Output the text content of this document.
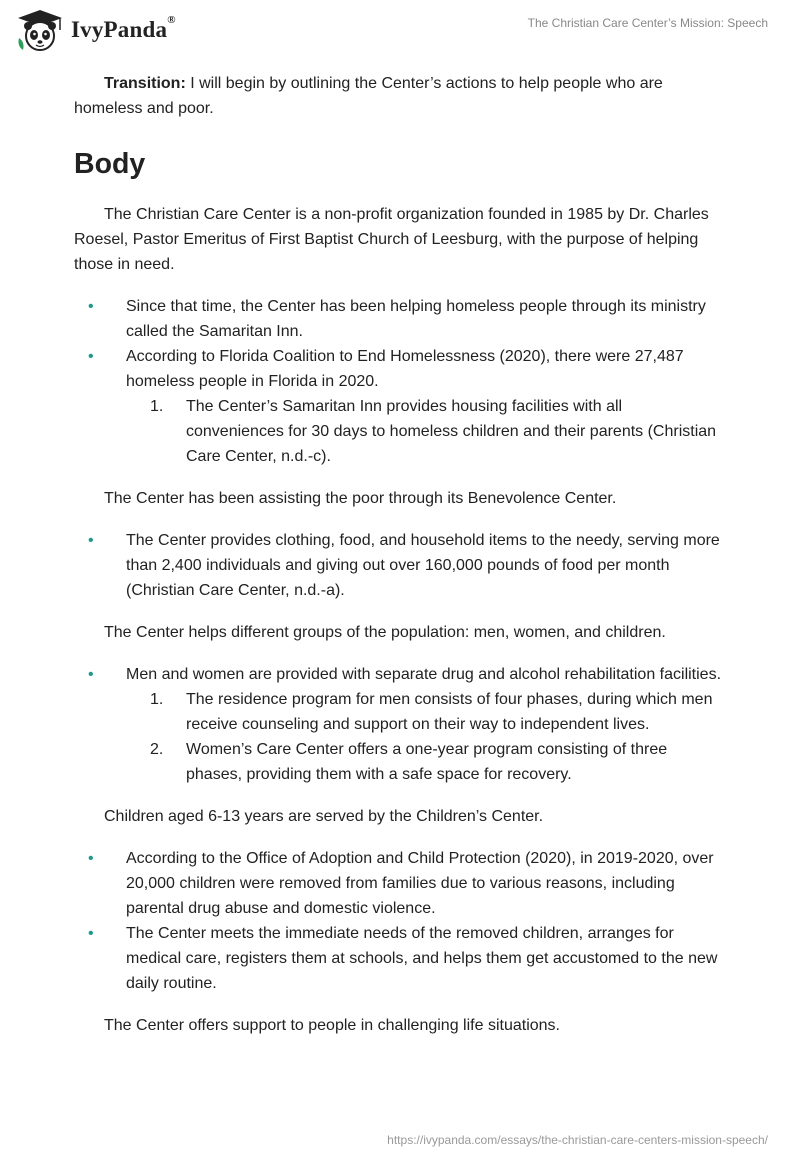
IvyPanda®	The Christian Care Center’s Mission: Speech

Transition: I will begin by outlining the Center’s actions to help people who are homeless and poor.

Body

The Christian Care Center is a non-profit organization founded in 1985 by Dr. Charles Roesel, Pastor Emeritus of First Baptist Church of Leesburg, with the purpose of helping those in need.

• Since that time, the Center has been helping homeless people through its ministry called the Samaritan Inn.
• According to Florida Coalition to End Homelessness (2020), there were 27,487 homeless people in Florida in 2020.
1. The Center’s Samaritan Inn provides housing facilities with all conveniences for 30 days to homeless children and their parents (Christian Care Center, n.d.-c).

The Center has been assisting the poor through its Benevolence Center.

• The Center provides clothing, food, and household items to the needy, serving more than 2,400 individuals and giving out over 160,000 pounds of food per month (Christian Care Center, n.d.-a).

The Center helps different groups of the population: men, women, and children.

• Men and women are provided with separate drug and alcohol rehabilitation facilities.
1. The residence program for men consists of four phases, during which men receive counseling and support on their way to independent lives.
2. Women’s Care Center offers a one-year program consisting of three phases, providing them with a safe space for recovery.

Children aged 6-13 years are served by the Children’s Center.

• According to the Office of Adoption and Child Protection (2020), in 2019-2020, over 20,000 children were removed from families due to various reasons, including parental drug abuse and domestic violence.
• The Center meets the immediate needs of the removed children, arranges for medical care, registers them at schools, and helps them get accustomed to the new daily routine.

The Center offers support to people in challenging life situations.

https://ivypanda.com/essays/the-christian-care-centers-mission-speech/
